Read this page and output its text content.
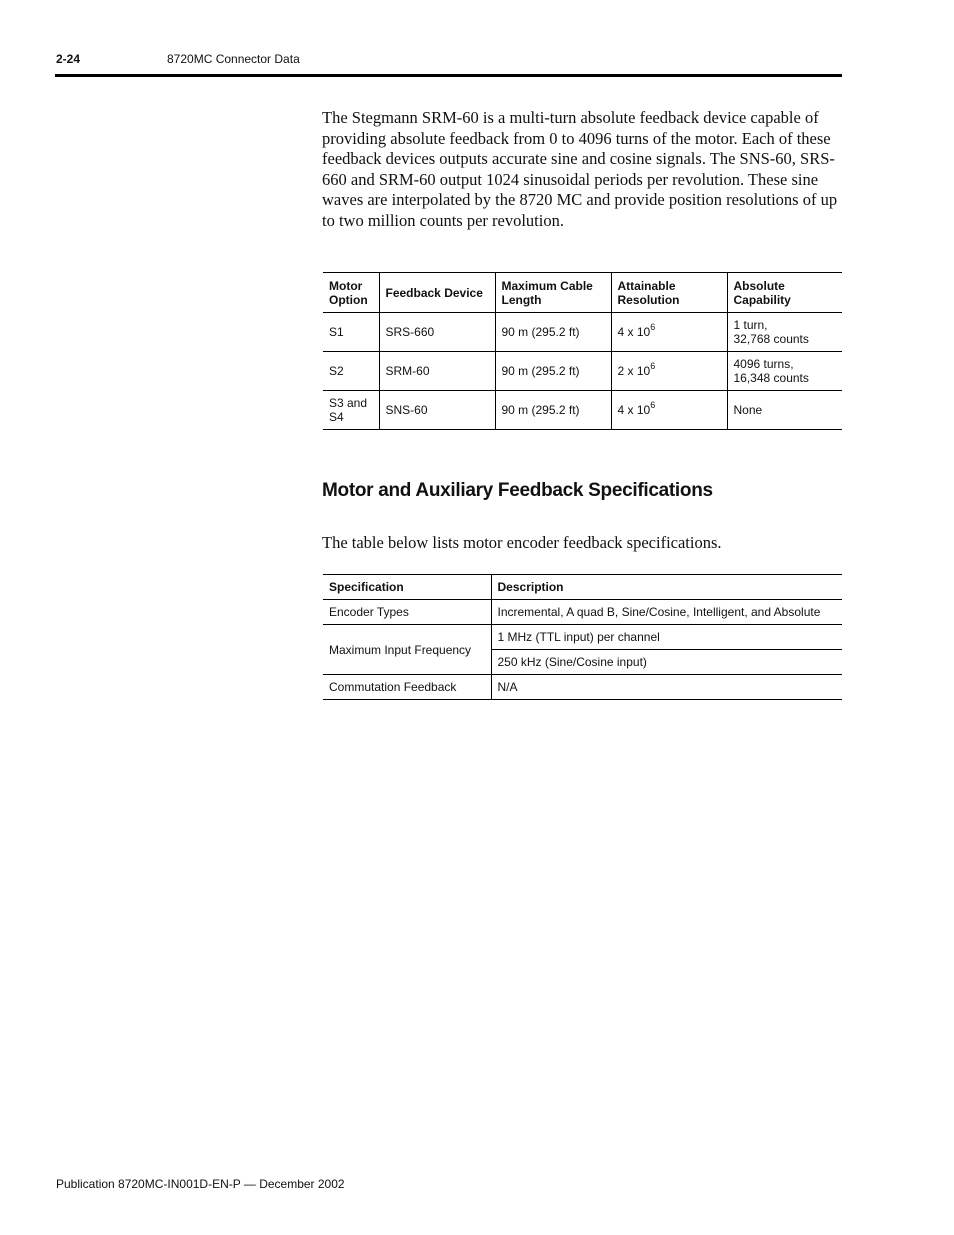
2-24	8720MC Connector Data

The Stegmann SRM-60 is a multi-turn absolute feedback device capable of providing absolute feedback from 0 to 4096 turns of the motor. Each of these feedback devices outputs accurate sine and cosine signals. The SNS-60, SRS-660 and SRM-60 output 1024 sinusoidal periods per revolution. These sine waves are interpolated by the 8720 MC and provide position resolutions of up to two million counts per revolution.

Motor Option	Feedback Device	Maximum Cable Length	Attainable Resolution	Absolute Capability
S1	SRS-660	90 m (295.2 ft)	4 x $10^6$	1 turn,
32,768 counts
S2	SRM-60	90 m (295.2 ft)	2 x $10^6$	4096 turns,
16,348 counts
S3 and
S4	SNS-60	90 m (295.2 ft)	4 x $10^6$	None
Motor and Auxiliary Feedback Specifications

The table below lists motor encoder feedback specifications.

Specification	Description
Encoder Types	Incremental, A quad B, Sine/Cosine, Intelligent, and Absolute
Maximum Input Frequency	1 MHz (TTL input) per channel
	250 kHz (Sine/Cosine input)
Commutation Feedback	N/A
Publication 8720MC-IN001D-EN-P — December 2002
